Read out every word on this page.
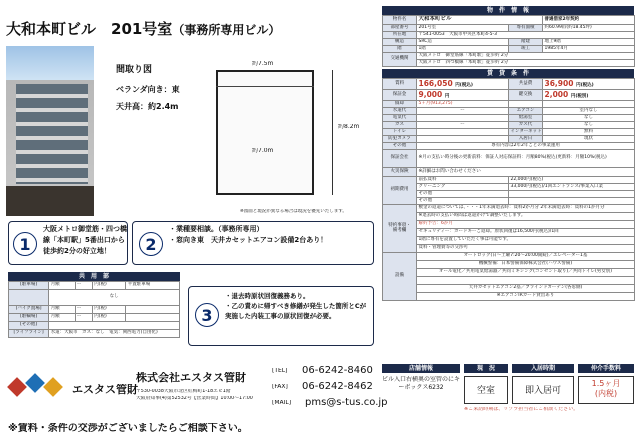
大和本町ビル　201号室（事務所専用ビル）
間取り図
ベランダ向き：東
天井高：約2.4m
約7.5m
約7.0m
約8.2m
※図面と現況が異なる場合は現況を優先いたします。
1
大阪メトロ御堂筋・四つ橋線「本町駅」5番出口から徒歩約2分の好立地！	2
・業種要相談。（事務所専用）
・窓向き東　天井カセットエアコン設備2台あり！
3
・退去時原状回復義務あり。
・乙の責めに帰すべき修繕が発生した箇所とCが実施した内装工事の原状回復が必要。
共　用　部
[駐車場]	月額	ー	円(税)	平置駐車場
	なし			
[バイク置場]	月額	ー	円(税)	
[駐輪場]	月額	ー	円(税)	
[その他]				
[ライフライン]	水道：大阪市　ガス：なし　電気：関西電力(自由化)			
エスタス管財
株式会社エスタス管財
〒530-0038大阪市北区紅梅町1-18エビ1階
大阪府知事(4)第52532号【営業時間】10:00～17:00
[TEL] 06-6242-8460
[FAX] 06-6242-8462
[MAIL] pms@s-tus.co.jp
※賃料・条件の交渉がございましたらご相談下さい。
物　件　情　報
物件名	大和本町ビル		普通借家2年契約
部屋番号	201号室	専有面積	約60.99㎡(約18.45坪)
所在地	〒541-0053　大阪市中央区本町4-5-3		
構造	SRC造	階建	地上9階
階	1階	竣工	1985年4月
交通機関	大阪メトロ　御堂筋線「本町駅」徒歩約 2分		
	大阪メトロ　四つ橋線「本町駅」徒歩約 2分		
賃　貸　条　件
賃料	166,050 円(税込)	共益費	36,900 円(税込)
保証金	9,000 円	鍵交換	2,000 円(税別)
償却	5ヶ月(913,275)		
水道代	ー	エアコン	室内なし
電気代		給湯室	なし
ガス	ー	ガス代	なし
トイレ		インターネット	無料
防犯カメラ		入居日	現状
その他	専有内容は2年2年ごとの事業運用		
保証会社	※月の支払い時分後の更新前料：保証人対応保証料：月額80%(税込)更新料：月額10%(税込)		
火災保険	※詳細はお問い合わせください		
初期費用	前払賃料	22,000円(税込)	
	クリーニング	33,000円(税込)/1回エントランス/事業入口業	
	その他		
	その他		
特約事項・
備考欄	敷金の返還については、・・・1年未満退去時：賃料2か月分 2年未満退去時：賃料の1か月分		
	※退去時の支払い時間は返還かけで調整いたします。		
	解約予告：6か月		
	セキュリティー：カードキーご返却。原状回復は16,500円(税込)/1回		
	1階に専有を設置していただく事は可能です。		
	賃料・管理費等の交渉可		
設備	オートロック(日〜土曜7:20〜20:00開錠)／エレベーター1基		
	機械警備：日本警備保障株式会社(ハウス警備)		
	オール電化／共用電気給湯器／共同ミキシング(コンセント取り)／共同トイレ(男女別)		

	天井カセットエアコン2基／ブラインドカーテン(各窓側)		
	※エアコンIRカード貸出あり		
店舗情報
ビル入口右横奥の室管のにキーボックス6232
現　況
空室
入居時期
即入居可
仲介手数料
1.5ヶ月
(内税)
※ご来訪時期は、リブラ担当者にご相談ください。
